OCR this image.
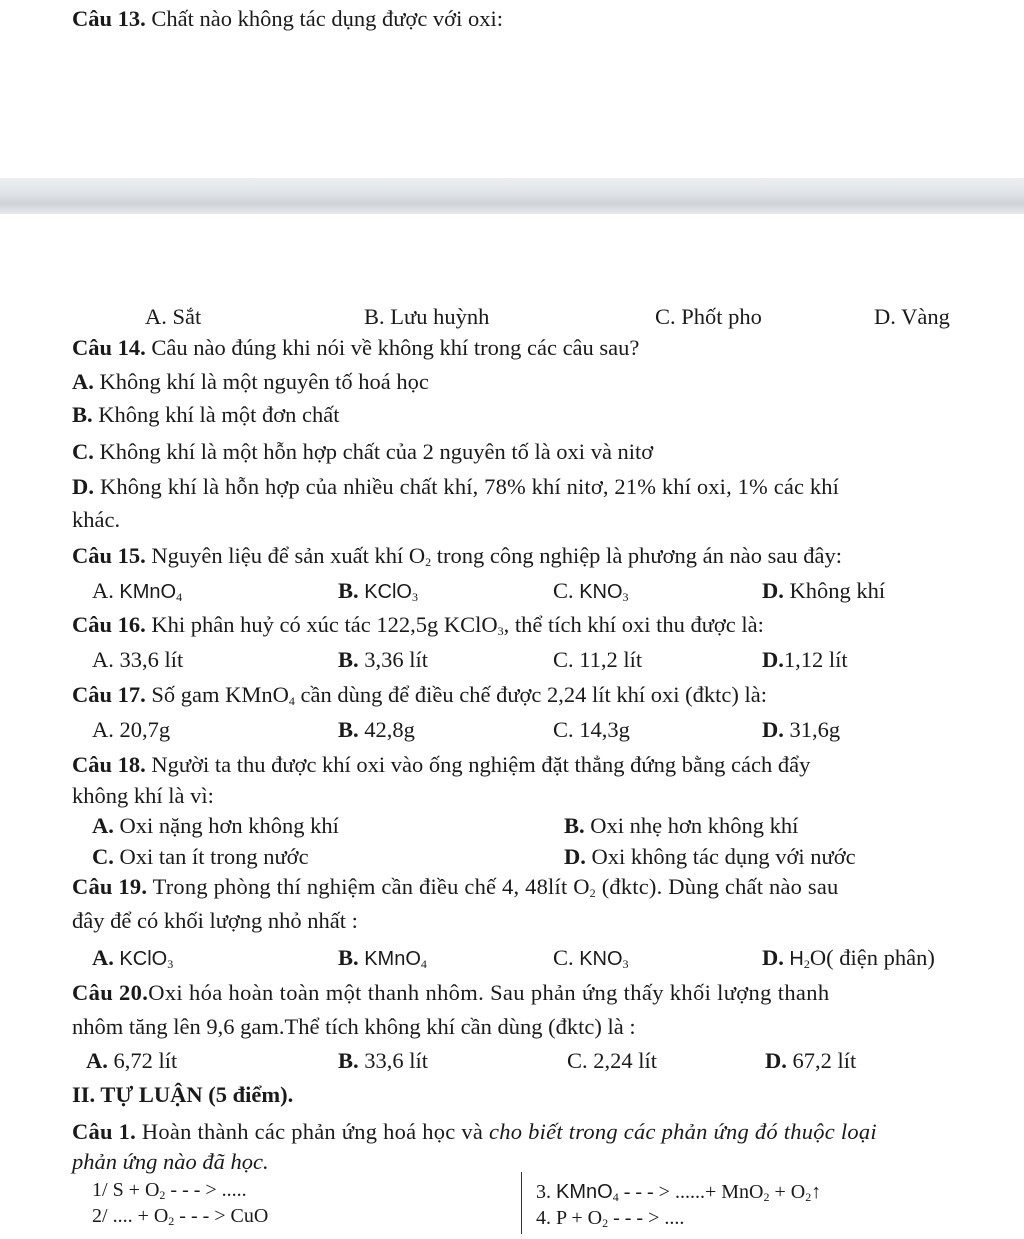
Câu 13. Chất nào không tác dụng được với oxi:
A. Sắt	B. Lưu huỳnh	C. Phốt pho	D. Vàng
Câu 14. Câu nào đúng khi nói về không khí trong các câu sau?
A. Không khí là một nguyên tố hoá học
B. Không khí là một đơn chất
C. Không khí là một hỗn hợp chất của 2 nguyên tố là oxi và nitơ
D. Không khí là hỗn hợp của nhiều chất khí, 78% khí nitơ, 21% khí oxi, 1% các khí
khác.
Câu 15. Nguyên liệu để sản xuất khí $O_2$ trong công nghiệp là phương án nào sau đây:
A. KMnO$_4$	B. KClO$_3$	C. $KNO_3$	D. Không khí
Câu 16. Khi phân huỷ có xúc tác 122,5g KClO$_3$, thể tích khí oxi thu được là:
A. 33,6 lít	B. 3,36 lít	C. 11,2 lít	D.1,12 lít
Câu 17. Số gam KMnO$_4$ cần dùng để điều chế được 2,24 lít khí oxi (đktc) là:
A. 20,7g	B. 42,8g	C. 14,3g	D. 31,6g
Câu 18. Người ta thu được khí oxi vào ống nghiệm đặt thẳng đứng bằng cách đẩy
không khí là vì:
A. Oxi nặng hơn không khí	B. Oxi nhẹ hơn không khí
C. Oxi tan ít trong nước	D. Oxi không tác dụng với nước
Câu 19. Trong phòng thí nghiệm cần điều chế 4, 48lít $O_2$ (đktc). Dùng chất nào sau
đây để có khối lượng nhỏ nhất :
A. KClO$_3$	B. KMnO$_4$	C. $KNO_3$	D. $H_2O$( điện phân)
Câu 20.Oxi hóa hoàn toàn một thanh nhôm. Sau phản ứng thấy khối lượng thanh
nhôm tăng lên 9,6 gam.Thể tích không khí cần dùng (đktc) là :
A. 6,72 lít	B. 33,6 lít	C. 2,24 lít	D. 67,2 lít
II. TỰ LUẬN (5 điểm).
Câu 1. Hoàn thành các phản ứng hoá học và cho biết trong các phản ứng đó thuộc loại
phản ứng nào đã học.
1/ $S + O_2$ - - - > .....
2/ .... + $O_2$ - - - > CuO
3. KMnO$_4$ - - - > ......+ $MnO_2 + O_2↑$
4. $P + O_2$ - - - > ....
